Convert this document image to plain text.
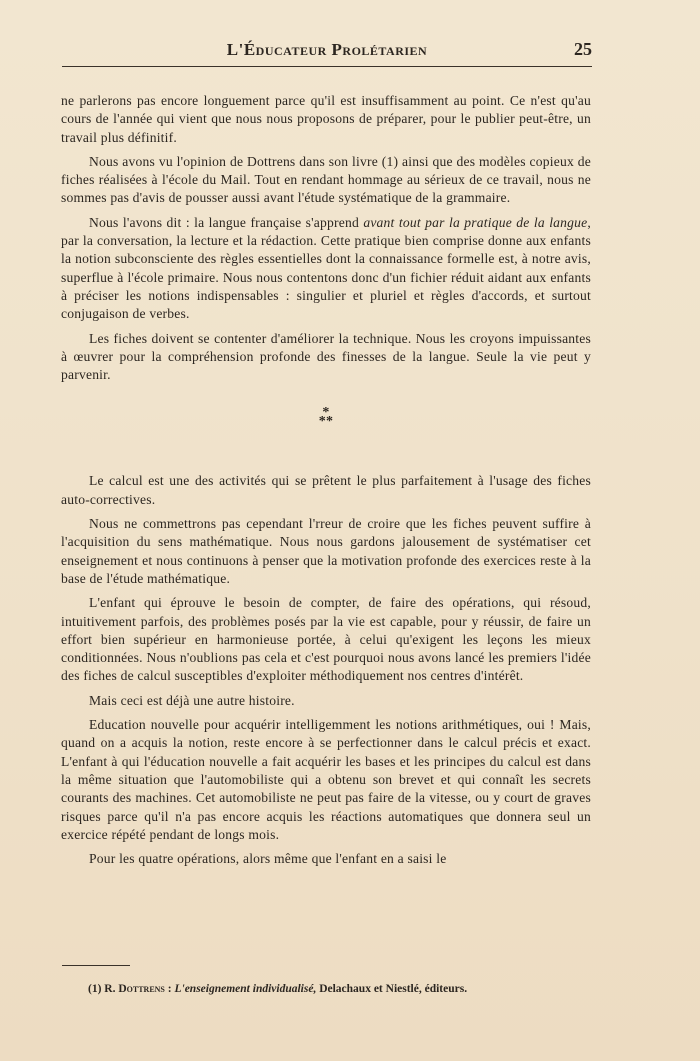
L'Éducateur Prolétarien	25

ne parlerons pas encore longuement parce qu'il est insuffisamment au point. Ce n'est qu'au cours de l'année qui vient que nous nous proposons de préparer, pour le publier peut-être, un travail plus définitif.

Nous avons vu l'opinion de Dottrens dans son livre (1) ainsi que des modèles copieux de fiches réalisées à l'école du Mail. Tout en rendant hommage au sérieux de ce travail, nous ne sommes pas d'avis de pousser aussi avant l'étude systématique de la grammaire.

Nous l'avons dit : la langue française s'apprend avant tout par la pratique de la langue, par la conversation, la lecture et la rédaction. Cette pratique bien comprise donne aux enfants la notion subconsciente des règles essentielles dont la connaissance formelle est, à notre avis, superflue à l'école primaire. Nous nous contentons donc d'un fichier réduit aidant aux enfants à préciser les notions indispensables : singulier et pluriel et règles d'accords, et surtout conjugaison de verbes.

Les fiches doivent se contenter d'améliorer la technique. Nous les croyons impuissantes à œuvrer pour la compréhension profonde des finesses de la langue. Seule la vie peut y parvenir.

*
**

Le calcul est une des activités qui se prêtent le plus parfaitement à l'usage des fiches auto-correctives.

Nous ne commettrons pas cependant l'rreur de croire que les fiches peuvent suffire à l'acquisition du sens mathématique. Nous nous gardons jalousement de systématiser cet enseignement et nous continuons à penser que la motivation profonde des exercices reste à la base de l'étude mathématique.

L'enfant qui éprouve le besoin de compter, de faire des opérations, qui résoud, intuitivement parfois, des problèmes posés par la vie est capable, pour y réussir, de faire un effort bien supérieur en harmonieuse portée, à celui qu'exigent les leçons les mieux conditionnées. Nous n'oublions pas cela et c'est pourquoi nous avons lancé les premiers l'idée des fiches de calcul susceptibles d'exploiter méthodiquement nos centres d'intérêt.

Mais ceci est déjà une autre histoire.

Education nouvelle pour acquérir intelligemment les notions arithmétiques, oui ! Mais, quand on a acquis la notion, reste encore à se perfectionner dans le calcul précis et exact. L'enfant à qui l'éducation nouvelle a fait acquérir les bases et les principes du calcul est dans la même situation que l'automobiliste qui a obtenu son brevet et qui connaît les secrets courants des machines. Cet automobiliste ne peut pas faire de la vitesse, ou y court de graves risques parce qu'il n'a pas encore acquis les réactions automatiques que donnera seul un exercice répété pendant de longs mois.

Pour les quatre opérations, alors même que l'enfant en a saisi le

(1) R. Dottrens : L'enseignement individualisé, Delachaux et Niestlé, éditeurs.
